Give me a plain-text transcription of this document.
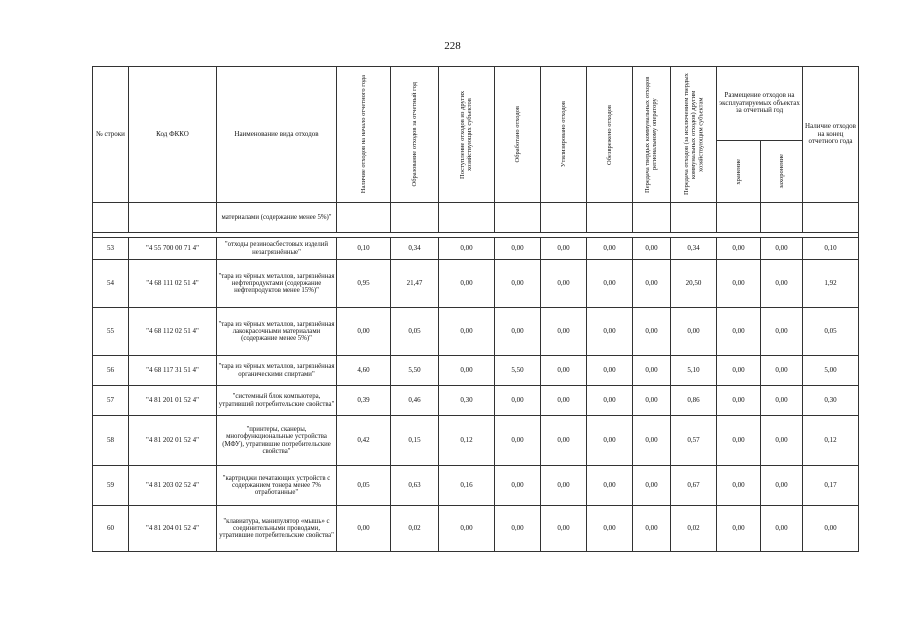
228
№ строки	Код ФККО	Наименование вида отходов	Наличие отходов на начало отчетного года	Образование отходов за отчетный год	Поступление отходов из других хозяйствующих субъектов	Обработано отходов	Утилизировано отходов	Обезврежено отходов	Передача твердых коммунальных отходов региональному оператору	Передача отходов (за исключением твердых коммунальных отходов) другим хозяйствующим субъектам	Размещение отходов на эксплуатируемых объектах за отчетный год		Наличие отходов на конец отчетного года

											хранение	захоронение	

		материалами (содержание менее 5%)"											

53	"4 55 700 00 71 4"	"отходы резиноасбестовых изделий незагрязнённые"	0,10	0,34	0,00	0,00	0,00	0,00	0,00	0,34	0,00	0,00	0,10
54	"4 68 111 02 51 4"	"тара из чёрных металлов, загрязнённая нефтепродуктами (содержание нефтепродуктов менее 15%)"	0,95	21,47	0,00	0,00	0,00	0,00	0,00	20,50	0,00	0,00	1,92
55	"4 68 112 02 51 4"	"тара из чёрных металлов, загрязнённая лакокрасочными материалами (содержание менее 5%)"	0,00	0,05	0,00	0,00	0,00	0,00	0,00	0,00	0,00	0,00	0,05
56	"4 68 117 31 51 4"	"тара из чёрных металлов, загрязнённая органическими спиртами"	4,60	5,50	0,00	5,50	0,00	0,00	0,00	5,10	0,00	0,00	5,00
57	"4 81 201 01 52 4"	"системный блок компьютера, утративший потребительские свойства"	0,39	0,46	0,30	0,00	0,00	0,00	0,00	0,86	0,00	0,00	0,30
58	"4 81 202 01 52 4"	"принтеры, сканеры, многофункциональные устройства (МФУ), утратившие потребительские свойства"	0,42	0,15	0,12	0,00	0,00	0,00	0,00	0,57	0,00	0,00	0,12
59	"4 81 203 02 52 4"	"картриджи печатающих устройств с содержанием тонера менее 7% отработанные"	0,05	0,63	0,16	0,00	0,00	0,00	0,00	0,67	0,00	0,00	0,17
60	"4 81 204 01 52 4"	"клавиатура, манипулятор «мышь» с соединительными проводами, утратившие потребительские свойства"	0,00	0,02	0,00	0,00	0,00	0,00	0,00	0,02	0,00	0,00	0,00
